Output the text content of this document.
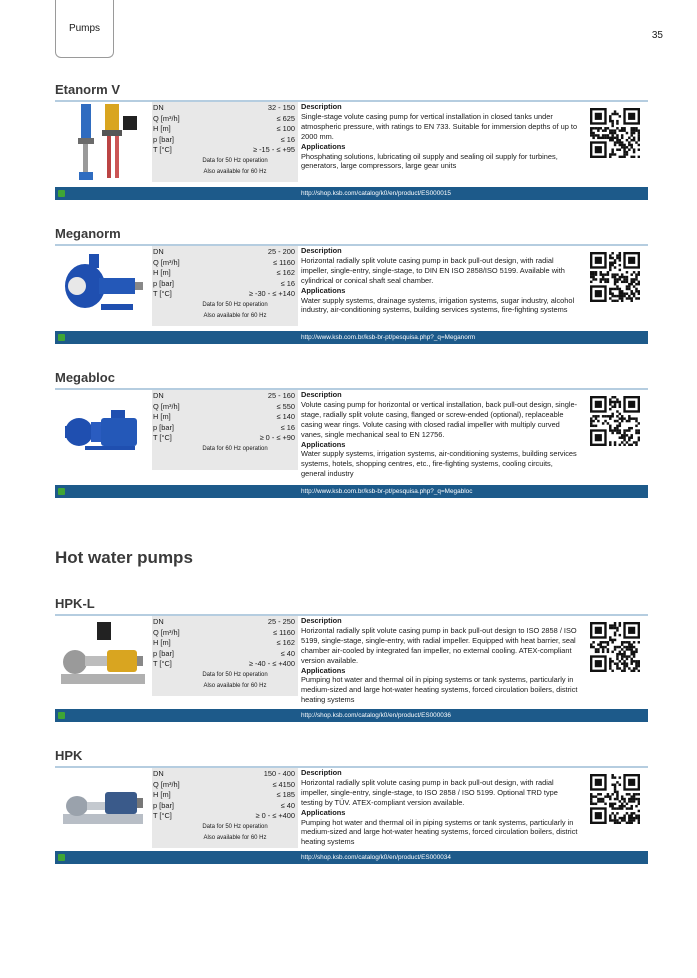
Pumps
35
Hot water pumps
Etanorm V
DN	32 - 150
Q [m³/h]	≤ 625
H [m]	≤ 100
p [bar]	≤ 16
T [°C]	≥ -15 - ≤ +95
Data for 50 Hz operation
Also available for 60 Hz
Description
Single-stage volute casing pump for vertical installation in closed tanks under atmospheric pressure, with ratings to EN 733. Suitable for immersion depths of up to 2000 mm.
Applications
Phosphating solutions, lubricating oil supply and sealing oil supply for turbines, generators, large compressors, large gear units
http://shop.ksb.com/catalog/k0/en/product/ES000015
Meganorm
DN	25 - 200
Q [m³/h]	≤ 1160
H [m]	≤ 162
p [bar]	≤ 16
T [°C]	≥ -30 - ≤ +140
Data for 50 Hz operation
Also available for 60 Hz
Description
Horizontal radially split volute casing pump in back pull-out design, with radial impeller, single-entry, single-stage, to DIN EN ISO 2858/ISO 5199. Available with cylindrical or conical shaft seal chamber.
Applications
Water supply systems, drainage systems, irrigation systems, sugar industry, alcohol industry, air-conditioning systems, building services systems, fire-fighting systems
http://www.ksb.com.br/ksb-br-pt/pesquisa.php?_q=Meganorm
Megabloc
DN	25 - 160
Q [m³/h]	≤ 550
H [m]	≤ 140
p [bar]	≤ 16
T [°C]	≥ 0 - ≤ +90
Data for 60 Hz operation
Description
Volute casing pump for horizontal or vertical installation, back pull-out design, single-stage, radially split volute casing, flanged or screw-ended (optional), replaceable casing wear rings. Volute casing with closed radial impeller with multiply curved vanes, single mechanical seal to EN 12756.
Applications
Water supply systems, irrigation systems, air-conditioning systems, building services systems, hotels, shopping centres, etc., fire-fighting systems, cooling circuits, general industry
http://www.ksb.com.br/ksb-br-pt/pesquisa.php?_q=Megabloc
HPK-L
DN	25 - 250
Q [m³/h]	≤ 1160
H [m]	≤ 162
p [bar]	≤ 40
T [°C]	≥ -40 - ≤ +400
Data for 50 Hz operation
Also available for 60 Hz
Description
Horizontal radially split volute casing pump in back pull-out design to ISO 2858 / ISO 5199, single-stage, single-entry, with radial impeller. Equipped with heat barrier, seal chamber air-cooled by integrated fan impeller, no external cooling. ATEX-compliant version available.
Applications
Pumping hot water and thermal oil in piping systems or tank systems, particularly in medium-sized and large hot-water heating systems, forced circulation boilers, district heating systems
http://shop.ksb.com/catalog/k0/en/product/ES000036
HPK
DN	150 - 400
Q [m³/h]	≤ 4150
H [m]	≤ 185
p [bar]	≤ 40
T [°C]	≥ 0 - ≤ +400
Data for 50 Hz operation
Also available for 60 Hz
Description
Horizontal radially split volute casing pump in back pull-out design, with radial impeller, single-entry, single-stage, to ISO 2858 / ISO 5199. Optional TRD type testing by TÜV. ATEX-compliant version available.
Applications
Pumping hot water and thermal oil in piping systems or tank systems, particularly in medium-sized and large hot-water heating systems, forced circulation boilers, district heating systems
http://shop.ksb.com/catalog/k0/en/product/ES000034
